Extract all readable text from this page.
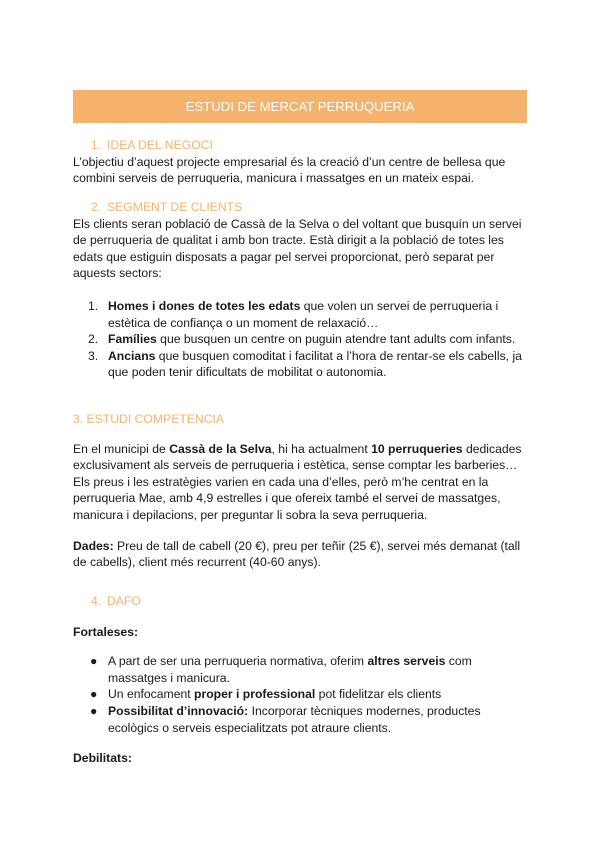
ESTUDI DE MERCAT PERRUQUERIA
1. IDEA DEL NEGOCI

L’objectiu d’aquest projecte empresarial és la creació d’un centre de bellesa que combini serveis de perruqueria, manicura i massatges en un mateix espai.

2. SEGMENT DE CLIENTS

Els clients seran població de Cassà de la Selva o del voltant que busquín un servei de perruqueria de qualitat i amb bon tracte. Està dirigit a la població de totes les edats que estiguin disposats a pagar pel servei proporcionat, però separat per aquests sectors:

1. Homes i dones de totes les edats que volen un servei de perruqueria i estètica de confiança o un moment de relaxació…
2. Famílies que busquen un centre on puguin atendre tant adults com infants.
3. Ancians que busquen comoditat i facilitat a l’hora de rentar-se els cabells, ja que poden tenir dificultats de mobilitat o autonomia.
3. ESTUDI COMPETENCIA

En el municipi de Cassà de la Selva, hi ha actualment 10 perruqueries dedicades exclusivament als serveis de perruqueria i estètica, sense comptar les barberies… Els preus i les estratègies varien en cada una d’elles, però m’he centrat en la perruqueria Mae, amb 4,9 estrelles i que ofereix també el servei de massatges, manicura i depilacions, per preguntar li sobra la seva perruqueria.

Dades: Preu de tall de cabell (20 €), preu per teñir (25 €), servei més demanat (tall de cabells), client més recurrent (40-60 anys).

4. DAFO

Fortaleses:

● A part de ser una perruqueria normativa, oferim altres serveis com massatges i manicura.
● Un enfocament proper i professional pot fidelitzar els clients
● Possibilitat d’innovació: Incorporar tècniques modernes, productes ecològics o serveis especialitzats pot atraure clients.

Debilitats:
